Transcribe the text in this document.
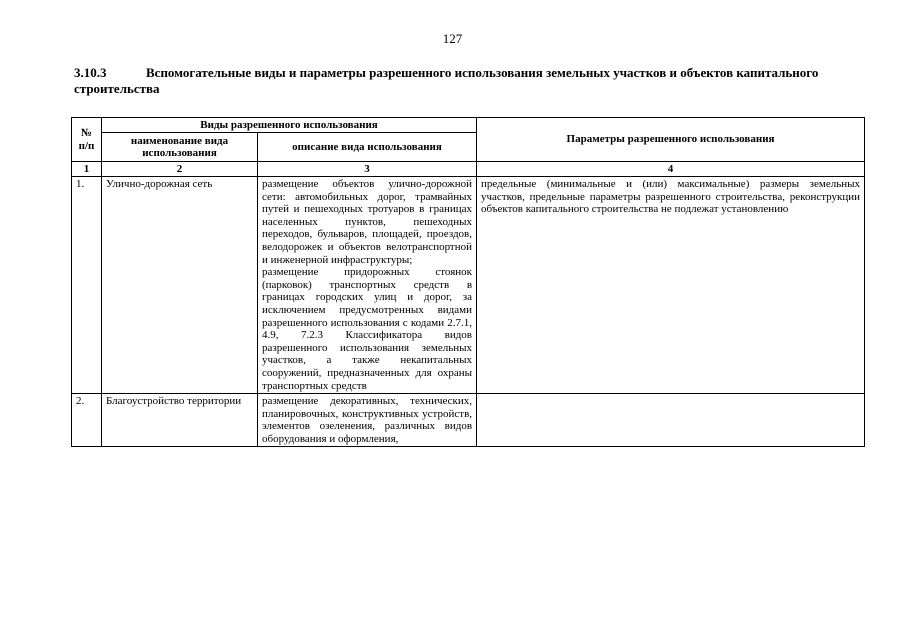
127
3.10.3	Вспомогательные виды и параметры разрешенного использования земельных участков и объектов капитального строительства
№ п/п	Виды разрешенного использования		Параметры разрешенного использования
	наименование вида использования	описание вида использования	
1	2	3	4
1.	Улично-дорожная сеть	размещение объектов улично-дорожной сети: автомобильных дорог, трамвайных путей и пешеходных тротуаров в границах населенных пунктов, пешеходных переходов, бульваров, площадей, проездов, велодорожек и объектов велотранспортной и инженерной инфраструктуры;
размещение придорожных стоянок (парковок) транспортных средств в границах городских улиц и дорог, за исключением предусмотренных видами разрешенного использования с кодами 2.7.1, 4.9, 7.2.3 Классификатора видов разрешенного использования земельных участков, а также некапитальных сооружений, предназначенных для охраны транспортных средств	предельные (минимальные и (или) максимальные) размеры земельных участков, предельные параметры разрешенного строительства, реконструкции объектов капитального строительства не подлежат установлению
2.	Благоустройство территории	размещение декоративных, технических, планировочных, конструктивных устройств, элементов озеленения, различных видов оборудования и оформления,	
